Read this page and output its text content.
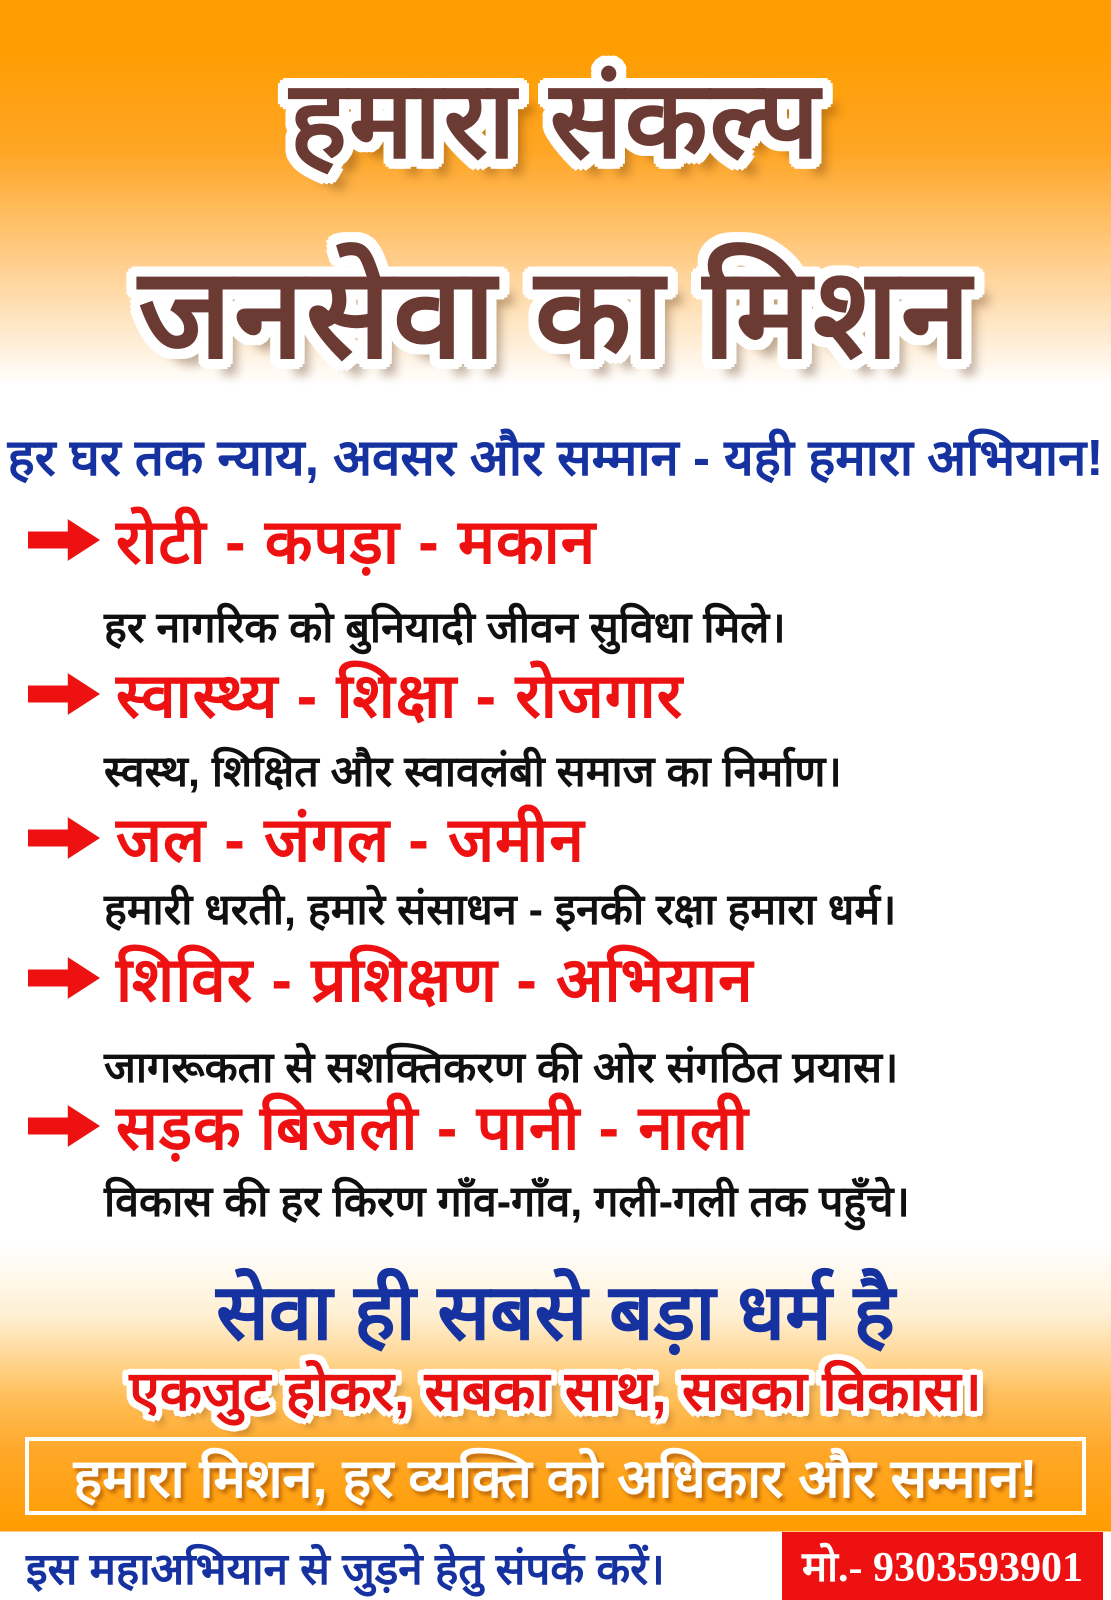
हमारा संकल्प
जनसेवा का मिशन
हर घर तक न्याय, अवसर और सम्मान - यही हमारा अभियान!
रोटी - कपड़ा - मकान
हर नागरिक को बुनियादी जीवन सुविधा मिले।
स्वास्थ्य - शिक्षा - रोजगार
स्वस्थ, शिक्षित और स्वावलंबी समाज का निर्माण।
जल - जंगल - जमीन
हमारी धरती, हमारे संसाधन - इनकी रक्षा हमारा धर्म।
शिविर - प्रशिक्षण - अभियान
जागरूकता से सशक्तिकरण की ओर संगठित प्रयास।
सड़क बिजली - पानी - नाली
विकास की हर किरण गाँव-गाँव, गली-गली तक पहुँचे।
सेवा ही सबसे बड़ा धर्म है
एकजुट होकर, सबका साथ, सबका विकास।
हमारा मिशन, हर व्यक्ति को अधिकार और सम्मान!
इस महाअभियान से जुड़ने हेतु संपर्क करें।	मो.- 9303593901
